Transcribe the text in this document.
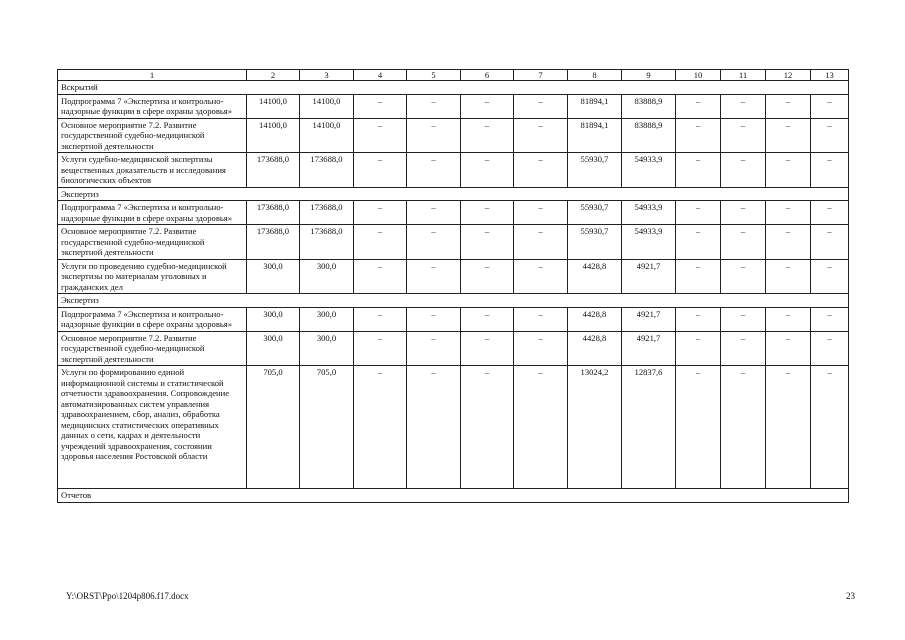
1	2	3	4	5	6	7	8	9	10	11	12	13
Вскрытий												
Подпрограмма 7 «Экспертиза и контрольно-надзорные функции в сфере охраны здоровья»	14100,0	14100,0	–	–	–	–	81894,1	83888,9	–	–	–	–
Основное мероприятие 7.2. Развитие государственной судебно-медицинской экспертной деятельности	14100,0	14100,0	–	–	–	–	81894,1	83888,9	–	–	–	–
Услуги судебно-медицинской экспертизы вещественных доказательств и исследования биологических объектов	173688,0	173688,0	–	–	–	–	55930,7	54933,9	–	–	–	–
Экспертиз												
Подпрограмма 7 «Экспертиза и контрольно-надзорные функции в сфере охраны здоровья»	173688,0	173688,0	–	–	–	–	55930,7	54933,9	–	–	–	–
Основное мероприятие 7.2. Развитие государственной судебно-медицинской экспертной деятельности	173688,0	173688,0	–	–	–	–	55930,7	54933,9	–	–	–	–
Услуги по проведению судебно-медицинской экспертизы по материалам уголовных и гражданских дел	300,0	300,0	–	–	–	–	4428,8	4921,7	–	–	–	–
Экспертиз												
Подпрограмма 7 «Экспертиза и контрольно-надзорные функции в сфере охраны здоровья»	300,0	300,0	–	–	–	–	4428,8	4921,7	–	–	–	–
Основное мероприятие 7.2. Развитие государственной судебно-медицинской экспертной деятельности	300,0	300,0	–	–	–	–	4428,8	4921,7	–	–	–	–
Услуги по формированию единой информационной системы и статистической отчетности здравоохранения. Сопровождение автоматизированных систем управления здравоохранением, сбор, анализ, обработка медицинских статистических оперативных данных о сети, кадрах и деятельности учреждений здравоохранения, состоянии здоровья населения Ростовской области	705,0	705,0	–	–	–	–	13024,2	12837,6	–	–	–	–
Отчетов												
Y:\ORST\Ppo\1204p806.f17.docx	23
